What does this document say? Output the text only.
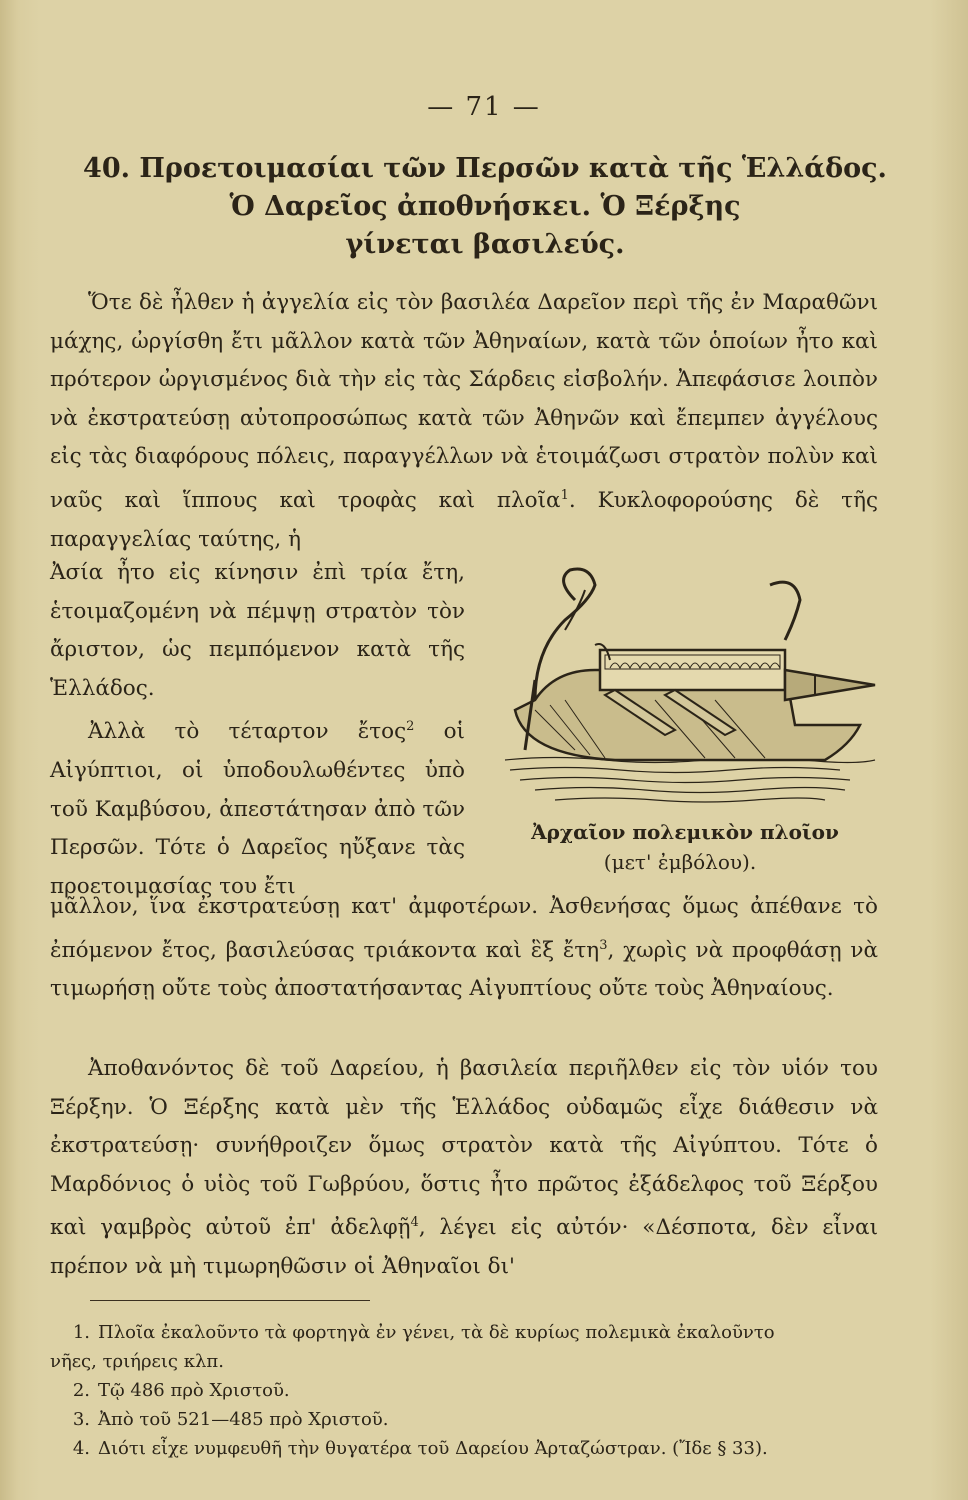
— 71 —
40. Προετοιμασίαι τῶν Περσῶν κατὰ τῆς Ἑλλάδος.
Ὁ Δαρεῖος ἀποθνήσκει. Ὁ Ξέρξης
γίνεται βασιλεύς.
Ὅτε δὲ ἦλθεν ἡ ἀγγελία εἰς τὸν βασιλέα Δαρεῖον περὶ τῆς ἐν Μαραθῶνι μάχης, ὠργίσθη ἔτι μᾶλλον κατὰ τῶν Ἀθηναίων, κατὰ τῶν ὁποίων ἦτο καὶ πρότερον ὠργισμένος διὰ τὴν εἰς τὰς Σάρδεις εἰσβολήν. Ἀπεφάσισε λοιπὸν νὰ ἐκστρατεύσῃ αὐτοπροσώπως κατὰ τῶν Ἀθηνῶν καὶ ἔπεμπεν ἀγγέλους εἰς τὰς διαφόρους πόλεις, παραγγέλλων νὰ ἑτοιμάζωσι στρατὸν πολὺν καὶ ναῦς καὶ ἵππους καὶ τροφὰς καὶ πλοῖα$^1$. Κυκλοφορούσης δὲ τῆς παραγγελίας ταύτης, ἡ
Ἀσία ἦτο εἰς κίνησιν ἐπὶ τρία ἔτη, ἑτοιμαζομένη νὰ πέμψῃ στρατὸν τὸν ἄριστον, ὡς πεμπόμενον κατὰ τῆς Ἑλλάδος.
Ἀλλὰ τὸ τέταρτον ἔτος$^2$ οἱ Αἰγύπτιοι, οἱ ὑποδουλωθέντες ὑπὸ τοῦ Καμβύσου, ἀπεστάτησαν ἀπὸ τῶν Περσῶν. Τότε ὁ Δαρεῖος ηὔξανε τὰς προετοιμασίας του ἔτι
Ἀρχαῖον πολεμικὸν πλοῖον
(μετ' ἐμβόλου).
μᾶλλον, ἵνα ἐκστρατεύσῃ κατ' ἀμφοτέρων. Ἀσθενήσας ὅμως ἀπέθανε τὸ ἐπόμενον ἔτος, βασιλεύσας τριάκοντα καὶ ἓξ ἔτη$^3$, χωρὶς νὰ προφθάσῃ νὰ τιμωρήσῃ οὔτε τοὺς ἀποστατήσαντας Αἰγυπτίους οὔτε τοὺς Ἀθηναίους.
Ἀποθανόντος δὲ τοῦ Δαρείου, ἡ βασιλεία περιῆλθεν εἰς τὸν υἱόν του Ξέρξην. Ὁ Ξέρξης κατὰ μὲν τῆς Ἑλλάδος οὐδαμῶς εἶχε διάθεσιν νὰ ἐκστρατεύσῃ· συνήθροιζεν ὅμως στρατὸν κατὰ τῆς Αἰγύπτου. Τότε ὁ Μαρδόνιος ὁ υἱὸς τοῦ Γωβρύου, ὅστις ἦτο πρῶτος ἐξάδελφος τοῦ Ξέρξου καὶ γαμβρὸς αὐτοῦ ἐπ' ἀδελφῇ$^4$, λέγει εἰς αὐτόν· «Δέσποτα, δὲν εἶναι πρέπον νὰ μὴ τιμωρηθῶσιν οἱ Ἀθηναῖοι δι'
1. Πλοῖα ἐκαλοῦντο τὰ φορτηγὰ ἐν γένει, τὰ δὲ κυρίως πολεμικὰ ἐκαλοῦντο
νῆες, τριήρεις κλπ.
2. Τῷ 486 πρὸ Χριστοῦ.
3. Ἀπὸ τοῦ 521—485 πρὸ Χριστοῦ.
4. Διότι εἶχε νυμφευθῆ τὴν θυγατέρα τοῦ Δαρείου Ἀρταζώστραν. (Ἴδε § 33).
